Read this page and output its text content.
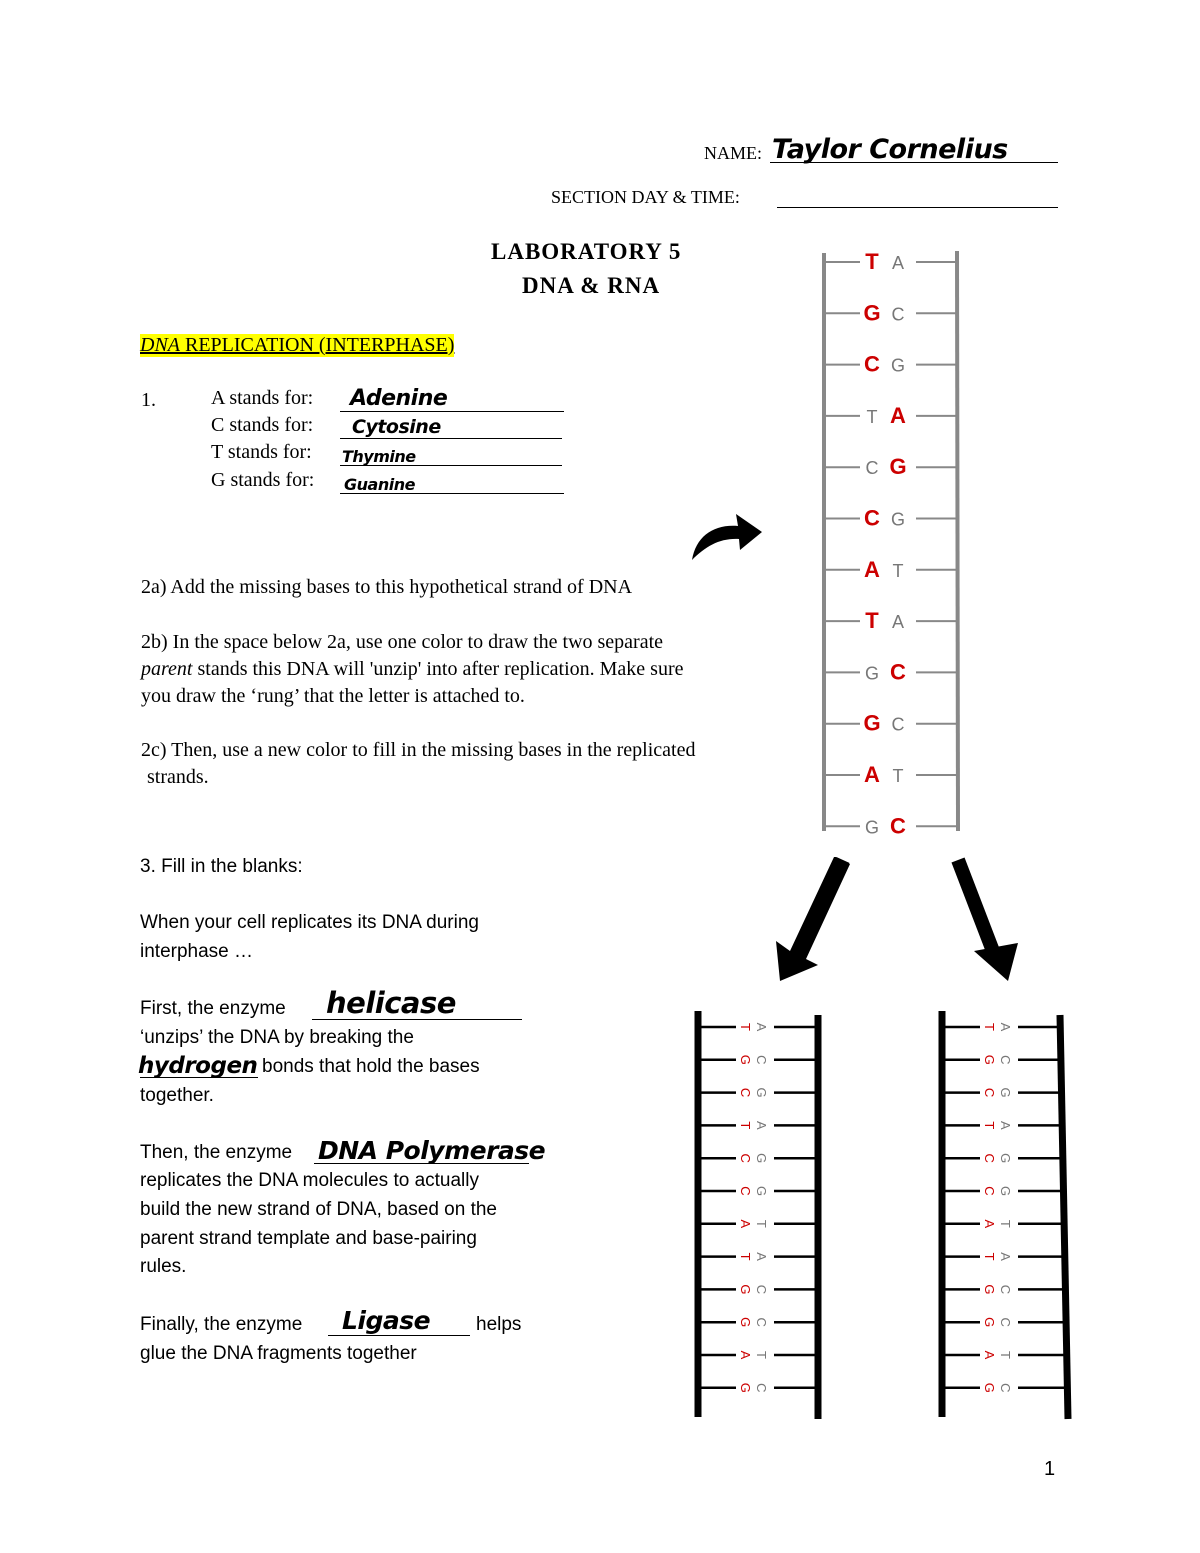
NAME: Taylor Cornelius
SECTION DAY & TIME:
LABORATORY 5
DNA & RNA
DNA REPLICATION (INTERPHASE)
1.	A stands for: Adenine
C stands for: Cytosine
T stands for: Thymine
G stands for: Guanine
2a) Add the missing bases to this hypothetical strand of DNA
2b) In the space below 2a, use one color to draw the two separate
parent stands this DNA will 'unzip' into after replication. Make sure
you draw the ‘rung’ that the letter is attached to.
2c) Then, use a new color to fill in the missing bases in the replicated
strands.
3. Fill in the blanks:
When your cell replicates its DNA during
interphase …
First, the enzyme helicase
‘unzips’ the DNA by breaking the
hydrogen bonds that hold the bases
together.
Then, the enzyme DNA Polymerase
replicates the DNA molecules to actually
build the new strand of DNA, based on the
parent strand template and base-pairing
rules.
Finally, the enzyme Ligase helps
glue the DNA fragments together
T A
G C
C G
T A
C G
C G
A T
T A
G C
G C
A T
G C
T A
G C
C G
T A
C G
C G
A T
T A
G C
G C
A T
G C
T A
G C
C G
T A
C G
C G
A T
T A
G C
G C
A T
G C
1
